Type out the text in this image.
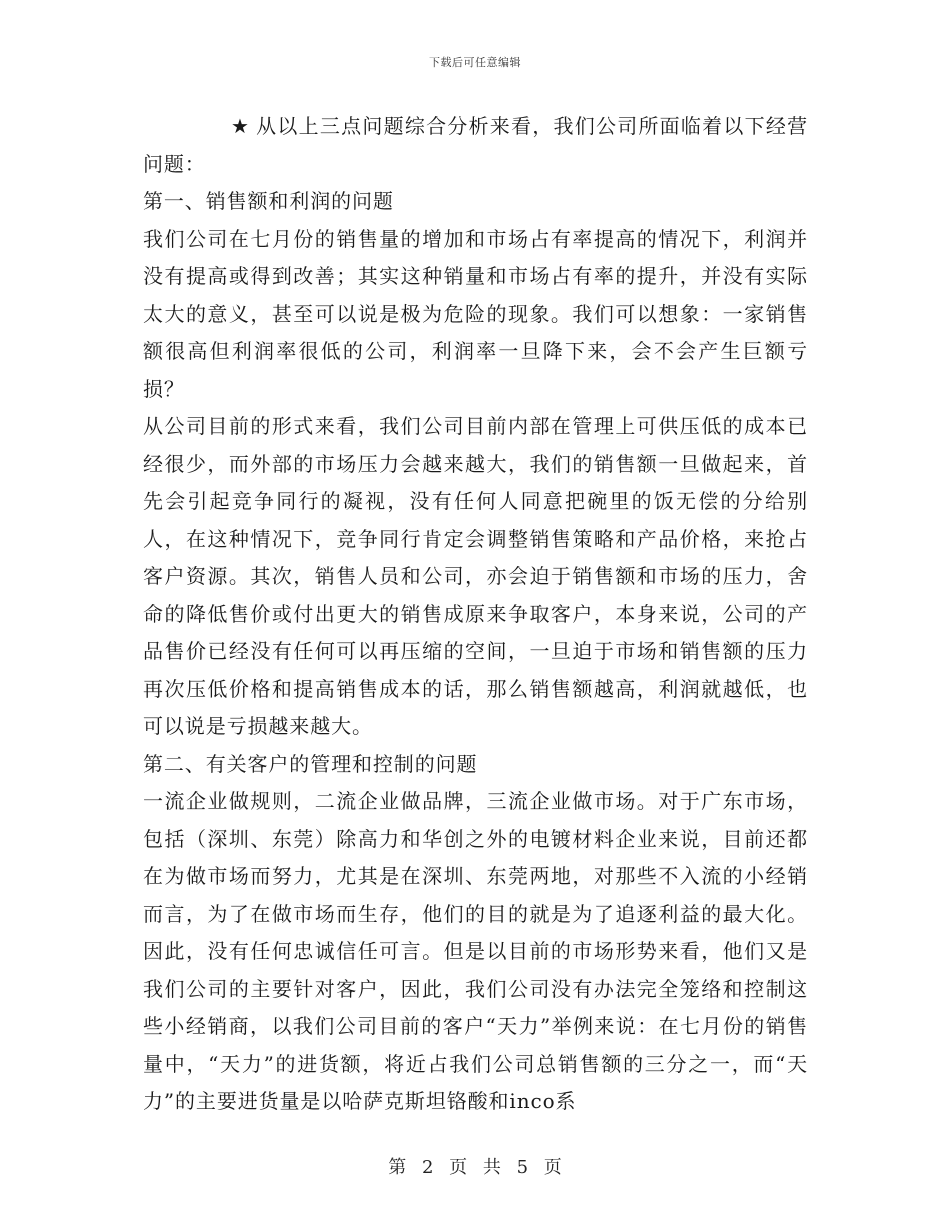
下载后可任意编辑

★ 从以上三点问题综合分析来看，我们公司所面临着以下经营问题：

第一、销售额和利润的问题

我们公司在七月份的销售量的增加和市场占有率提高的情况下，利润并没有提高或得到改善；其实这种销量和市场占有率的提升，并没有实际太大的意义，甚至可以说是极为危险的现象。我们可以想象：一家销售额很高但利润率很低的公司，利润率一旦降下来，会不会产生巨额亏损？

从公司目前的形式来看，我们公司目前内部在管理上可供压低的成本已经很少，而外部的市场压力会越来越大，我们的销售额一旦做起来，首先会引起竞争同行的凝视，没有任何人同意把碗里的饭无偿的分给别人，在这种情况下，竞争同行肯定会调整销售策略和产品价格，来抢占客户资源。其次，销售人员和公司，亦会迫于销售额和市场的压力，舍命的降低售价或付出更大的销售成原来争取客户，本身来说，公司的产品售价已经没有任何可以再压缩的空间，一旦迫于市场和销售额的压力再次压低价格和提高销售成本的话，那么销售额越高，利润就越低，也可以说是亏损越来越大。

第二、有关客户的管理和控制的问题

一流企业做规则，二流企业做品牌，三流企业做市场。对于广东市场，包括（深圳、东莞）除高力和华创之外的电镀材料企业来说，目前还都在为做市场而努力，尤其是在深圳、东莞两地，对那些不入流的小经销而言，为了在做市场而生存，他们的目的就是为了追逐利益的最大化。因此，没有任何忠诚信任可言。但是以目前的市场形势来看，他们又是我们公司的主要针对客户，因此，我们公司没有办法完全笼络和控制这些小经销商，以我们公司目前的客户“天力”举例来说：在七月份的销售量中，“天力”的进货额，将近占我们公司总销售额的三分之一，而“天力”的主要进货量是以哈萨克斯坦铬酸和inco系

第 2 页 共 5 页
